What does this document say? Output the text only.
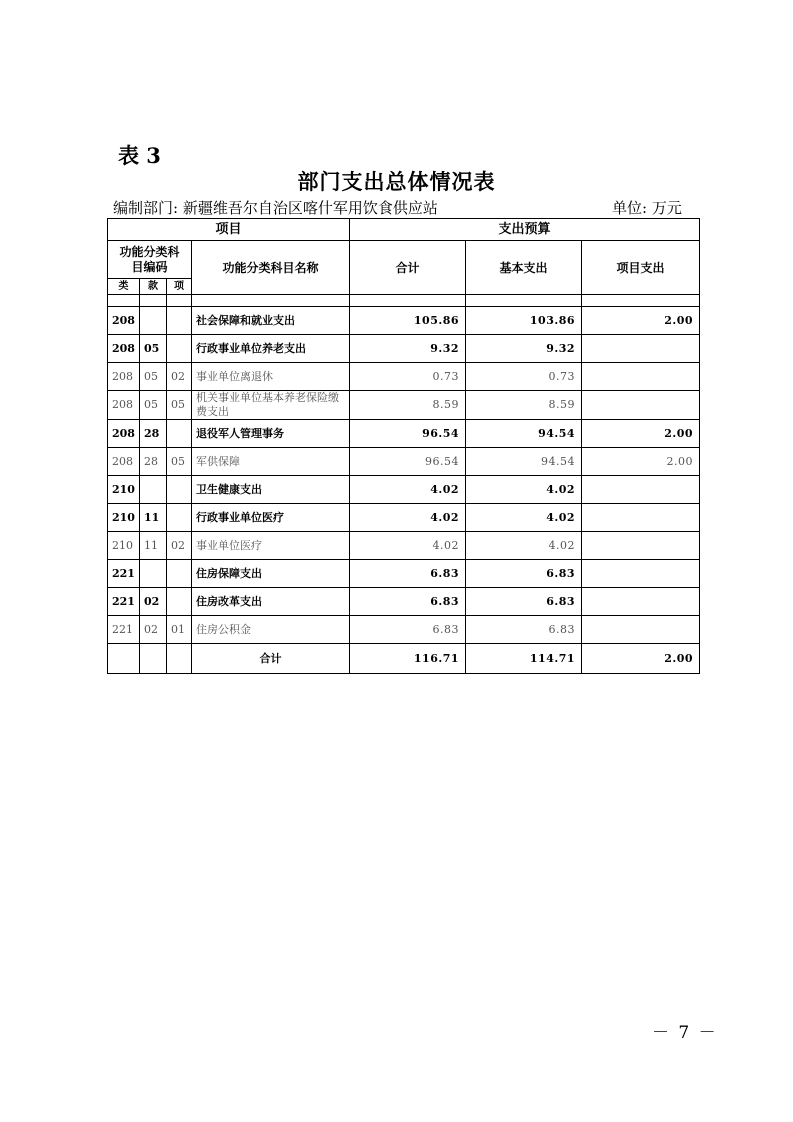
表 3
部门支出总体情况表
编制部门: 新疆维吾尔自治区喀什军用饮食供应站	单位: 万元
项目				支出预算		
功能分类科目编码			功能分类科目名称	合计	基本支出	项目支出
类	款	项				

208			社会保障和就业支出	105.86	103.86	2.00
208	05		行政事业单位养老支出	9.32	9.32	
208	05	02	事业单位离退休	0.73	0.73	
208	05	05	机关事业单位基本养老保险缴费支出	8.59	8.59	
208	28		退役军人管理事务	96.54	94.54	2.00
208	28	05	军供保障	96.54	94.54	2.00
210			卫生健康支出	4.02	4.02	
210	11		行政事业单位医疗	4.02	4.02	
210	11	02	事业单位医疗	4.02	4.02	
221			住房保障支出	6.83	6.83	
221	02		住房改革支出	6.83	6.83	
221	02	01	住房公积金	6.83	6.83	
			合计	116.71	114.71	2.00
－ 7 －
